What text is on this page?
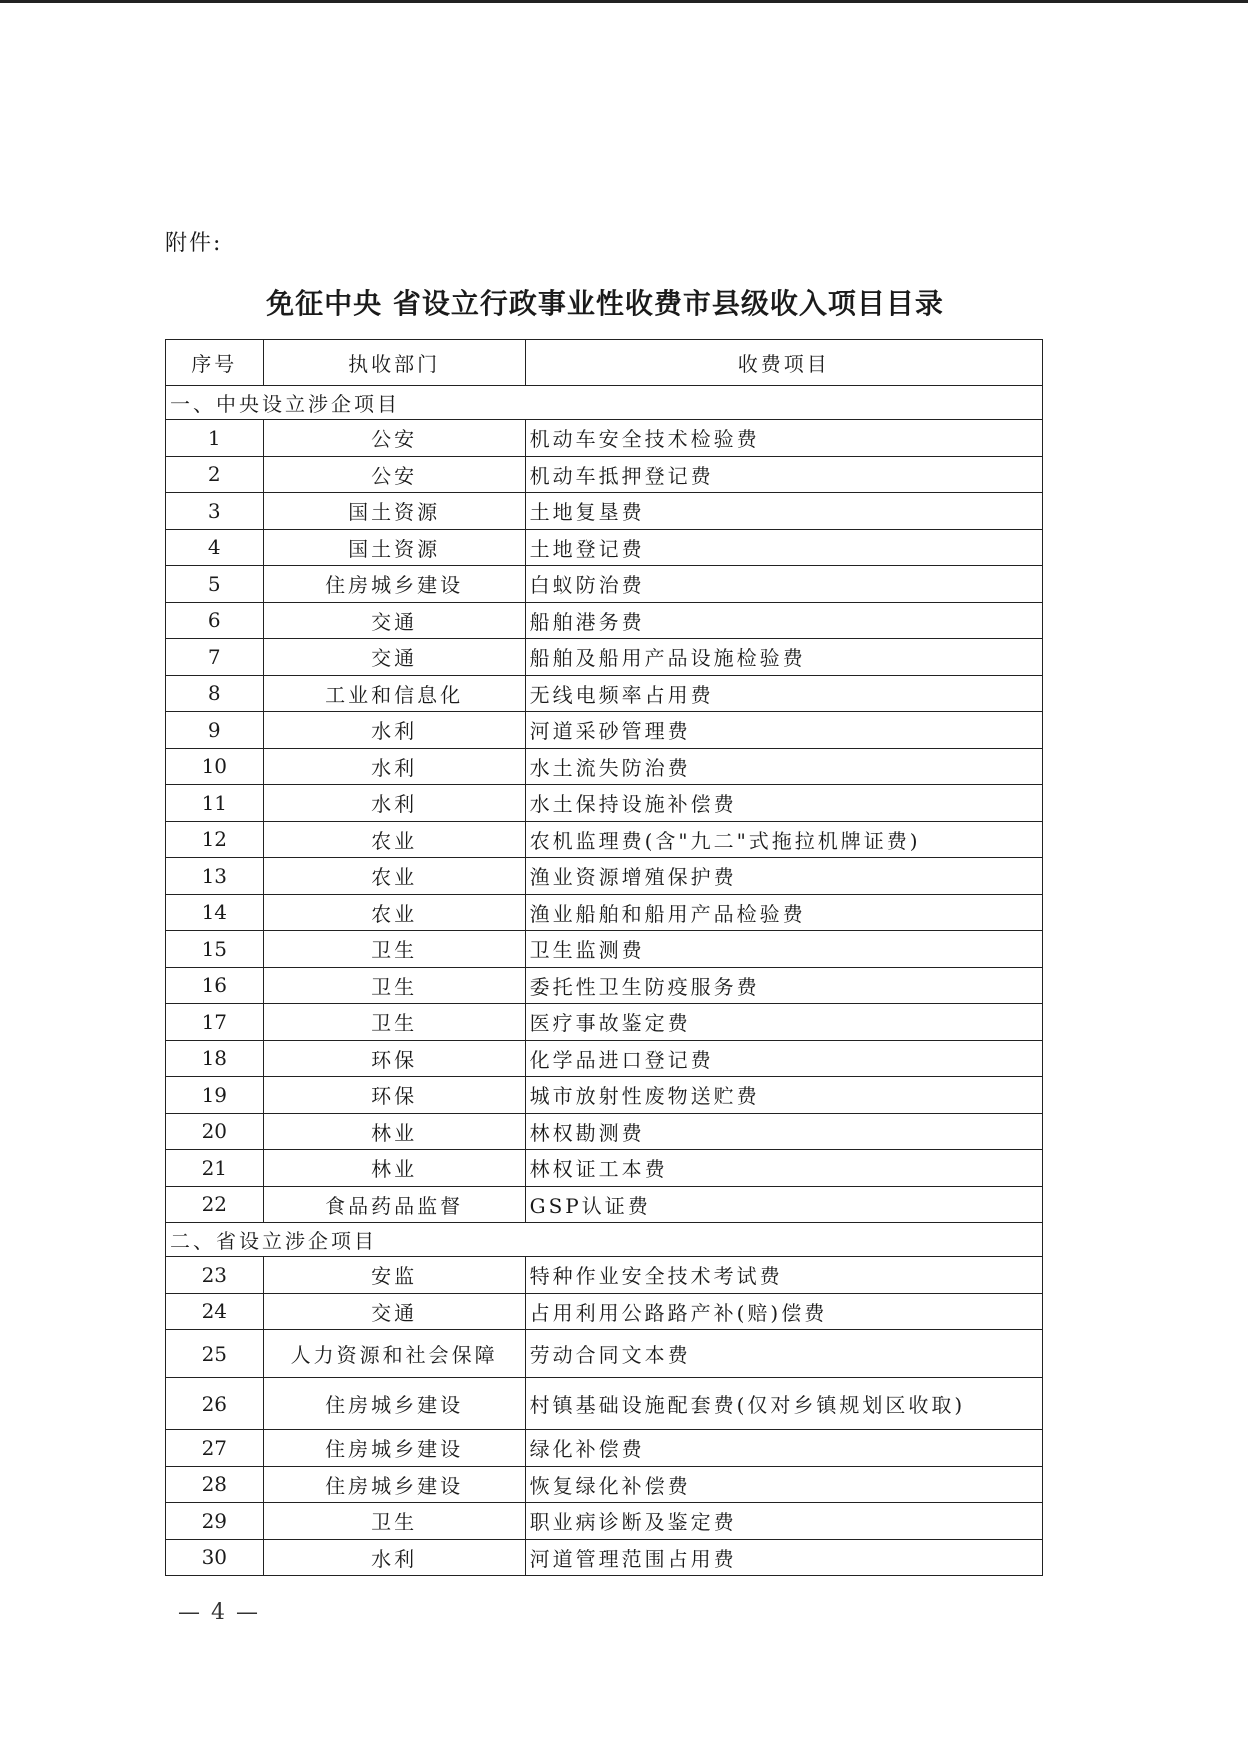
附件:
免征中央 省设立行政事业性收费市县级收入项目目录
序号	执收部门	收费项目
一、中央设立涉企项目		
1	公安	机动车安全技术检验费
2	公安	机动车抵押登记费
3	国土资源	土地复垦费
4	国土资源	土地登记费
5	住房城乡建设	白蚁防治费
6	交通	船舶港务费
7	交通	船舶及船用产品设施检验费
8	工业和信息化	无线电频率占用费
9	水利	河道采砂管理费
10	水利	水土流失防治费
11	水利	水土保持设施补偿费
12	农业	农机监理费(含"九二"式拖拉机牌证费)
13	农业	渔业资源增殖保护费
14	农业	渔业船舶和船用产品检验费
15	卫生	卫生监测费
16	卫生	委托性卫生防疫服务费
17	卫生	医疗事故鉴定费
18	环保	化学品进口登记费
19	环保	城市放射性废物送贮费
20	林业	林权勘测费
21	林业	林权证工本费
22	食品药品监督	GSP认证费
二、省设立涉企项目		
23	安监	特种作业安全技术考试费
24	交通	占用利用公路路产补(赔)偿费
25	人力资源和社会保障	劳动合同文本费
26	住房城乡建设	村镇基础设施配套费(仅对乡镇规划区收取)
27	住房城乡建设	绿化补偿费
28	住房城乡建设	恢复绿化补偿费
29	卫生	职业病诊断及鉴定费
30	水利	河道管理范围占用费
— 4 —
